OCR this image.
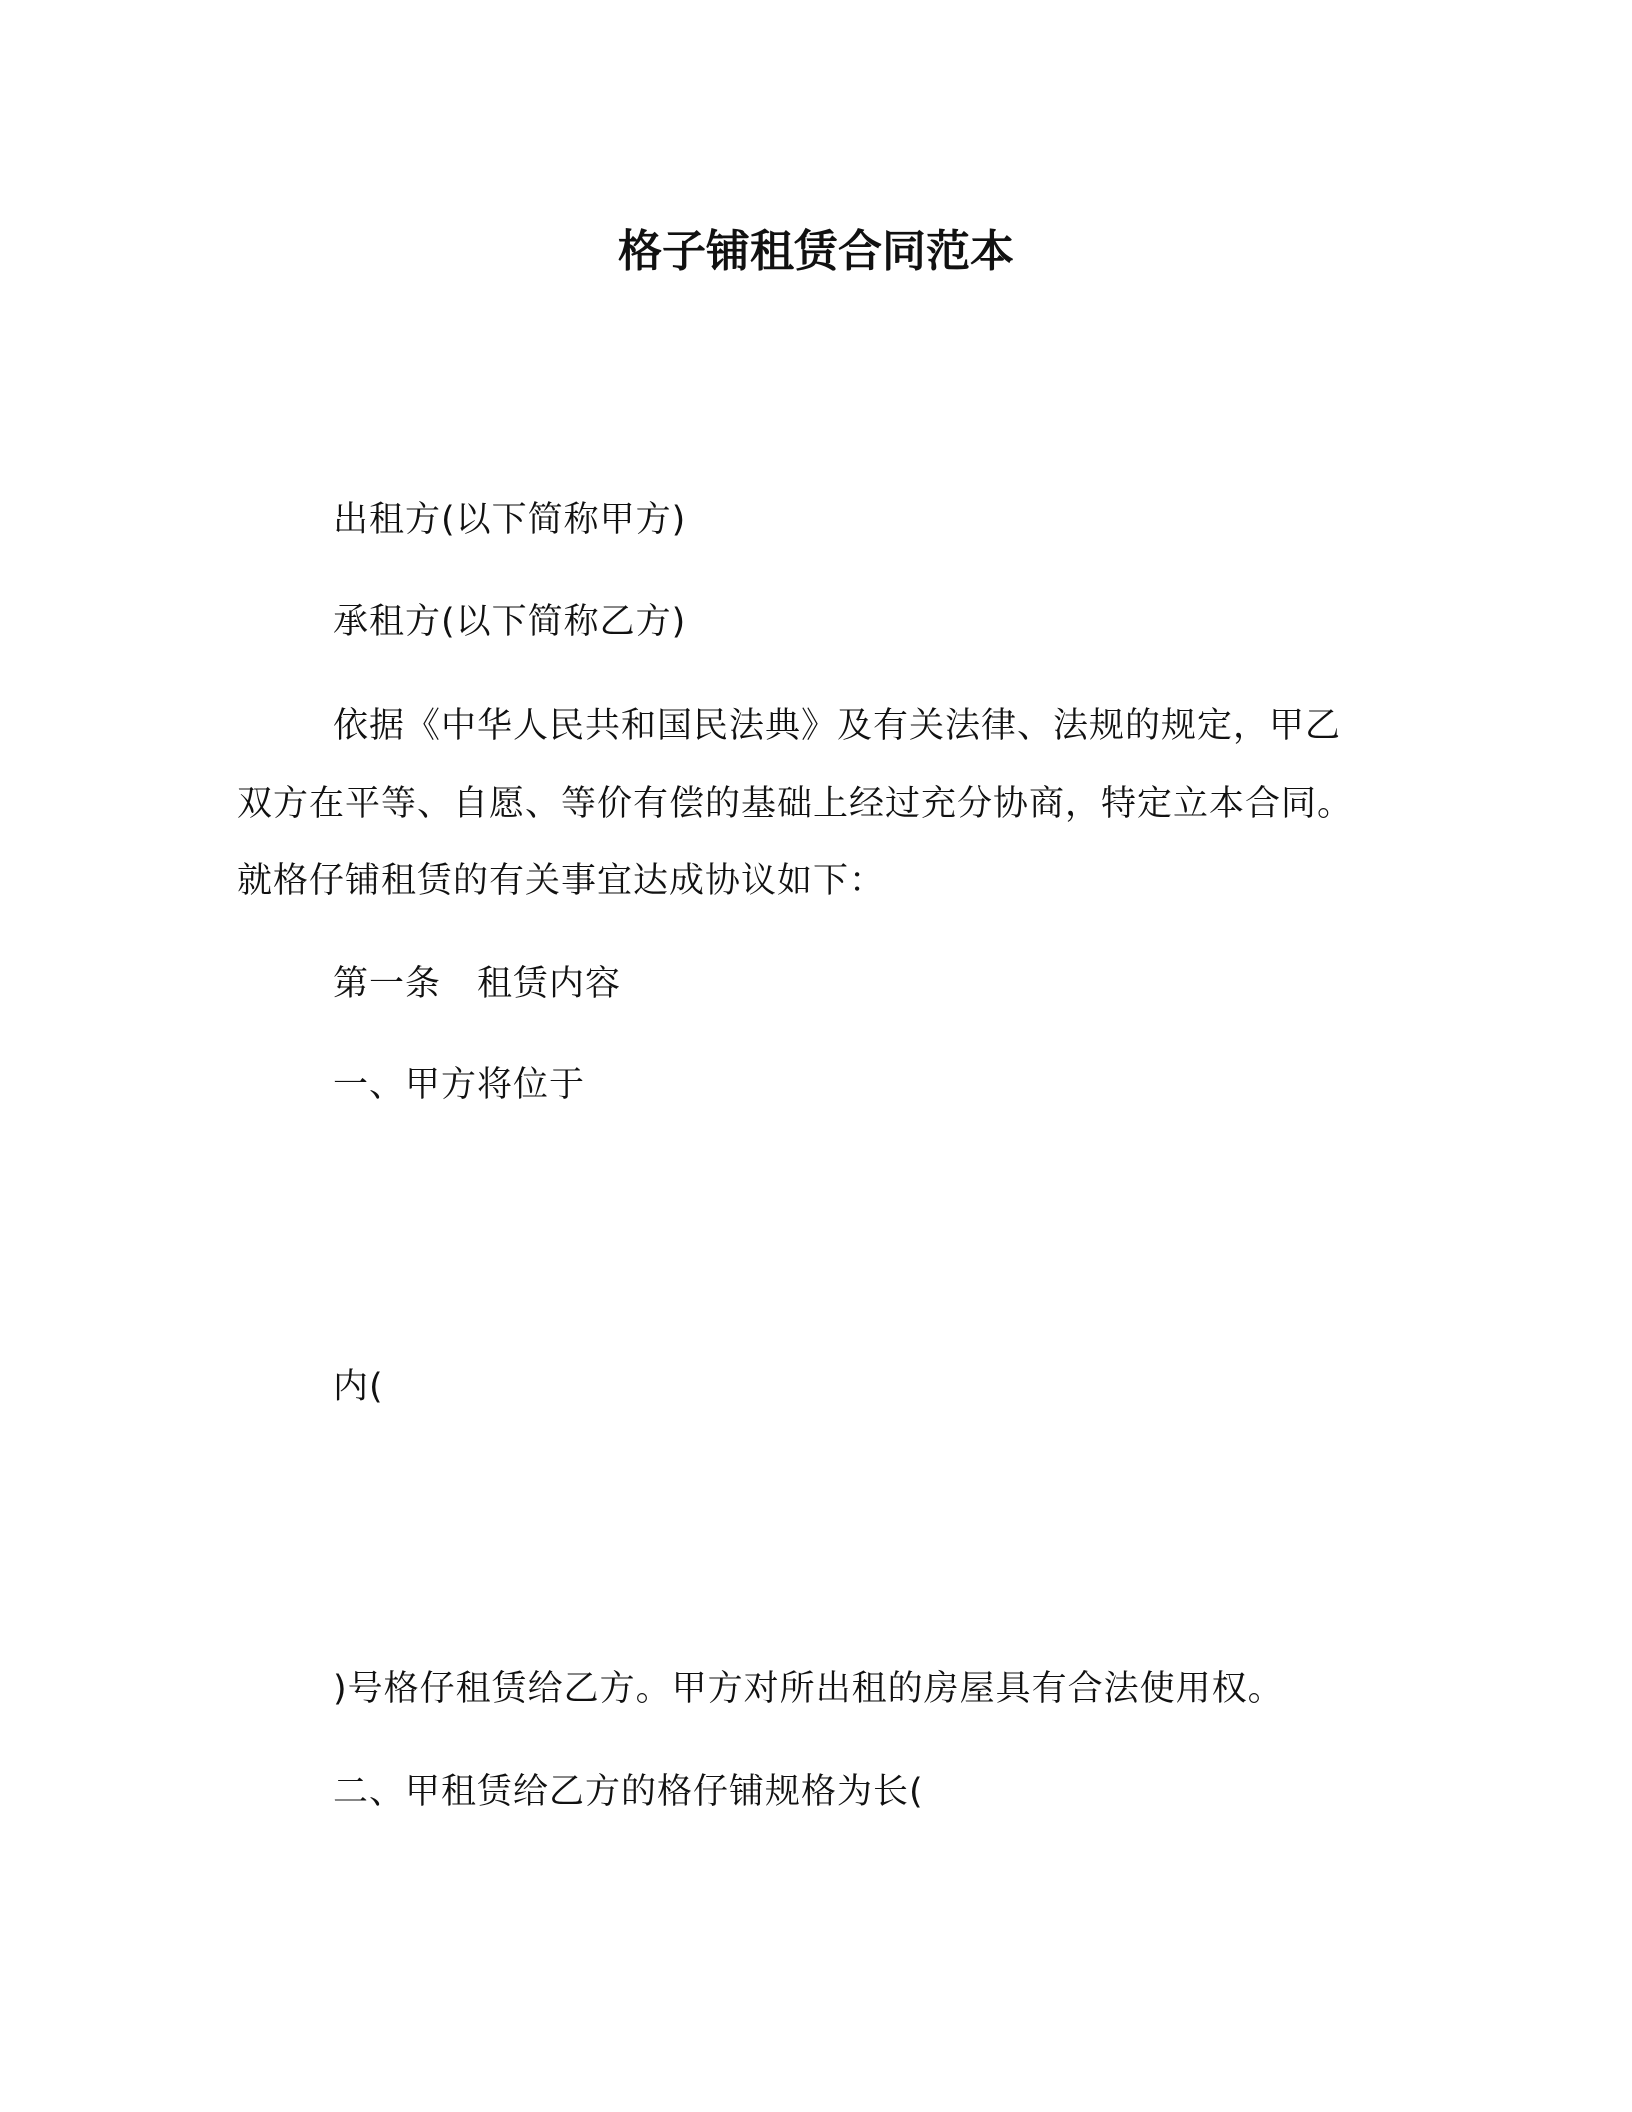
格子铺租赁合同范本
出租方(以下简称甲方)
承租方(以下简称乙方)
依据《中华人民共和国民法典》及有关法律、法规的规定，甲乙
双方在平等、自愿、等价有偿的基础上经过充分协商，特定立本合同。
就格仔铺租赁的有关事宜达成协议如下：
第一条　租赁内容
一、甲方将位于
内(
)号格仔租赁给乙方。甲方对所出租的房屋具有合法使用权。
二、甲租赁给乙方的格仔铺规格为长(
